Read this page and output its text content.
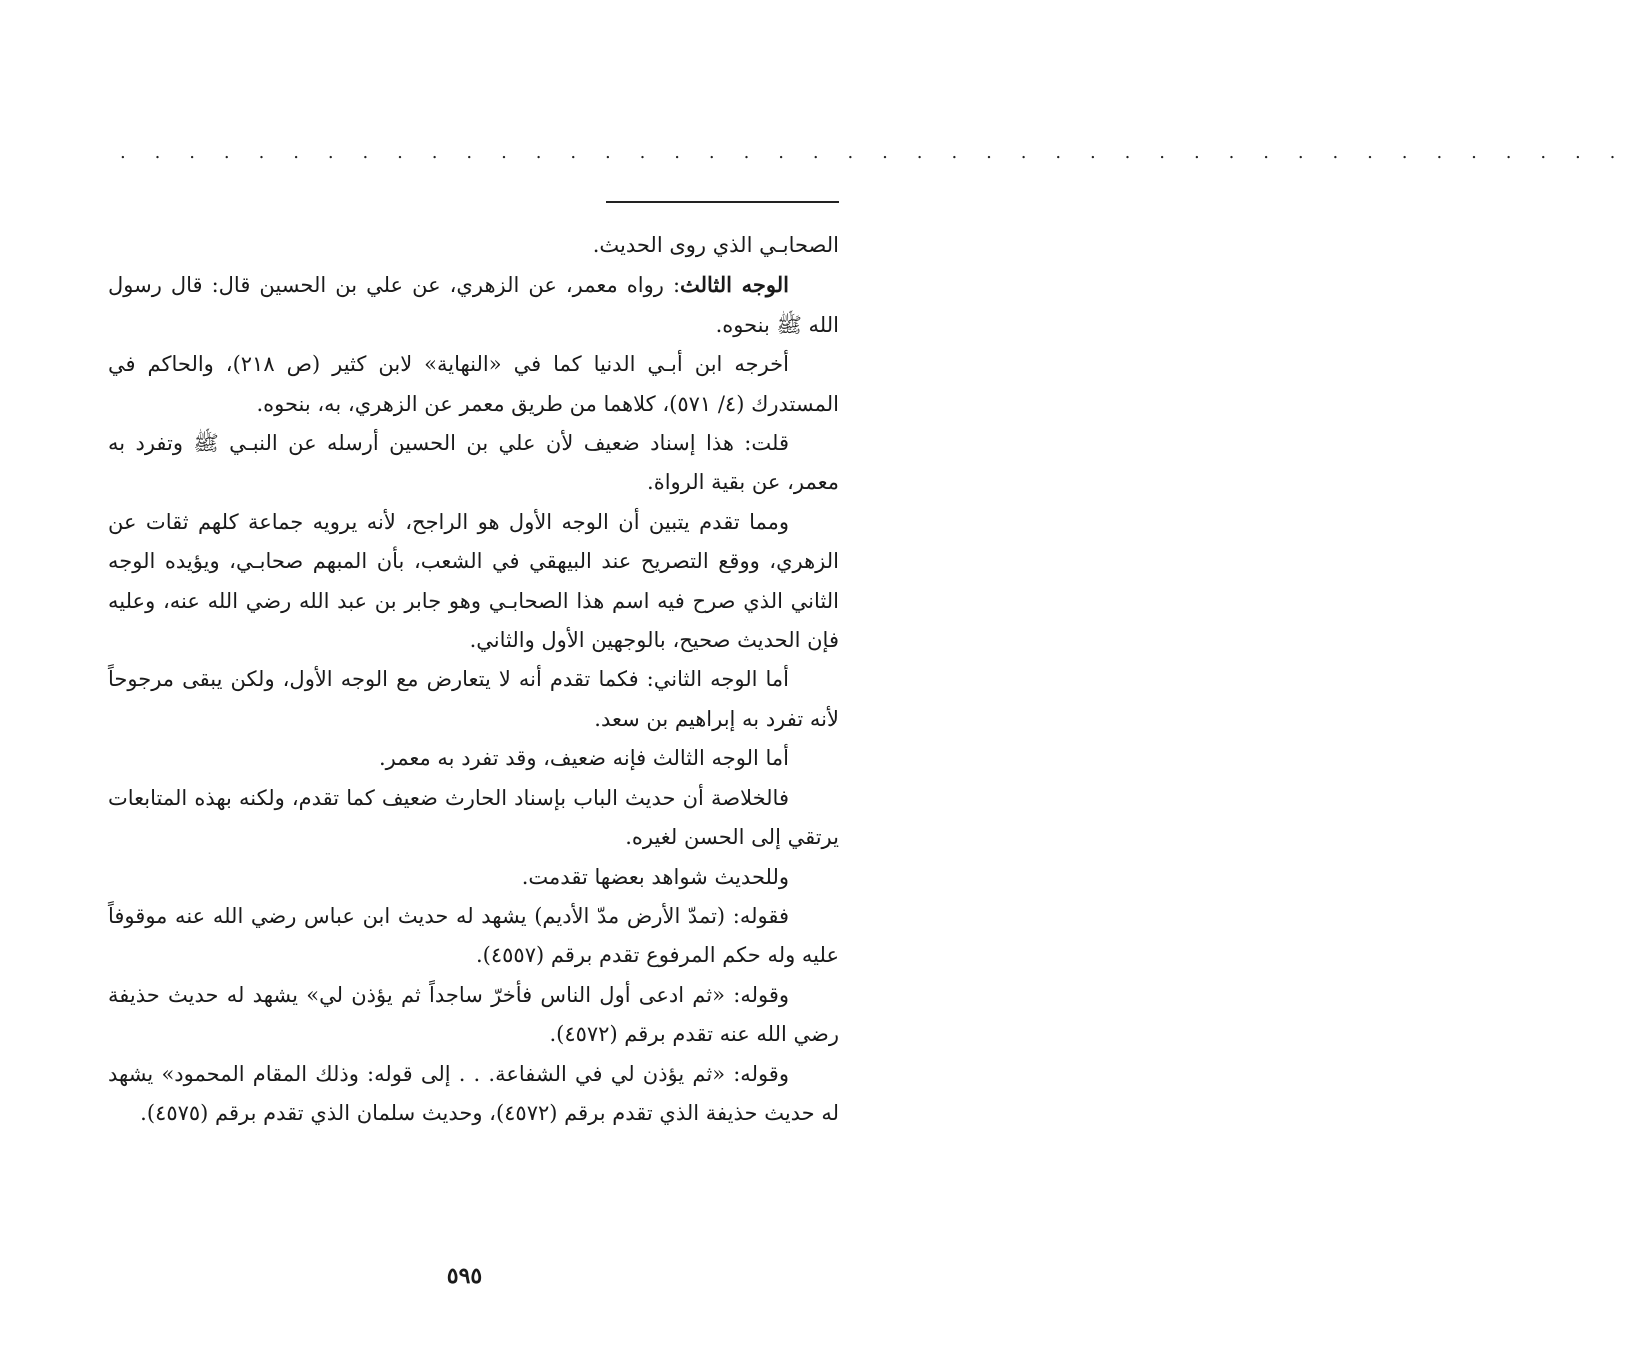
. . . . . . . . . . . . . . . . . . . . . . . . . . . . . . . . . . . . . . . . . . . .

الصحابـي الذي روى الحديث.

الوجه الثالث: رواه معمر، عن الزهري، عن علي بن الحسين قال: قال رسول الله ﷺ بنحوه.

أخرجه ابن أبـي الدنيا كما في «النهاية» لابن كثير (ص ٢١٨)، والحاكم في المستدرك (٤/ ٥٧١)، كلاهما من طريق معمر عن الزهري، به، بنحوه.

قلت: هذا إسناد ضعيف لأن علي بن الحسين أرسله عن النبـي ﷺ وتفرد به معمر، عن بقية الرواة.

ومما تقدم يتبين أن الوجه الأول هو الراجح، لأنه يرويه جماعة كلهم ثقات عن الزهري، ووقع التصريح عند البيهقي في الشعب، بأن المبهم صحابـي، ويؤيده الوجه الثاني الذي صرح فيه اسم هذا الصحابـي وهو جابر بن عبد الله رضي الله عنه، وعليه فإن الحديث صحيح، بالوجهين الأول والثاني.

أما الوجه الثاني: فكما تقدم أنه لا يتعارض مع الوجه الأول، ولكن يبقى مرجوحاً لأنه تفرد به إبراهيم بن سعد.

أما الوجه الثالث فإنه ضعيف، وقد تفرد به معمر.

فالخلاصة أن حديث الباب بإسناد الحارث ضعيف كما تقدم، ولكنه بهذه المتابعات يرتقي إلى الحسن لغيره.

وللحديث شواهد بعضها تقدمت.

فقوله: (تمدّ الأرض مدّ الأديم) يشهد له حديث ابن عباس رضي الله عنه موقوفاً عليه وله حكم المرفوع تقدم برقم (٤٥٥٧).

وقوله: «ثم ادعى أول الناس فأخرّ ساجداً ثم يؤذن لي» يشهد له حديث حذيفة رضي الله عنه تقدم برقم (٤٥٧٢).

وقوله: «ثم يؤذن لي في الشفاعة. . . إلى قوله: وذلك المقام المحمود» يشهد له حديث حذيفة الذي تقدم برقم (٤٥٧٢)، وحديث سلمان الذي تقدم برقم (٤٥٧٥).

٥٩٥
